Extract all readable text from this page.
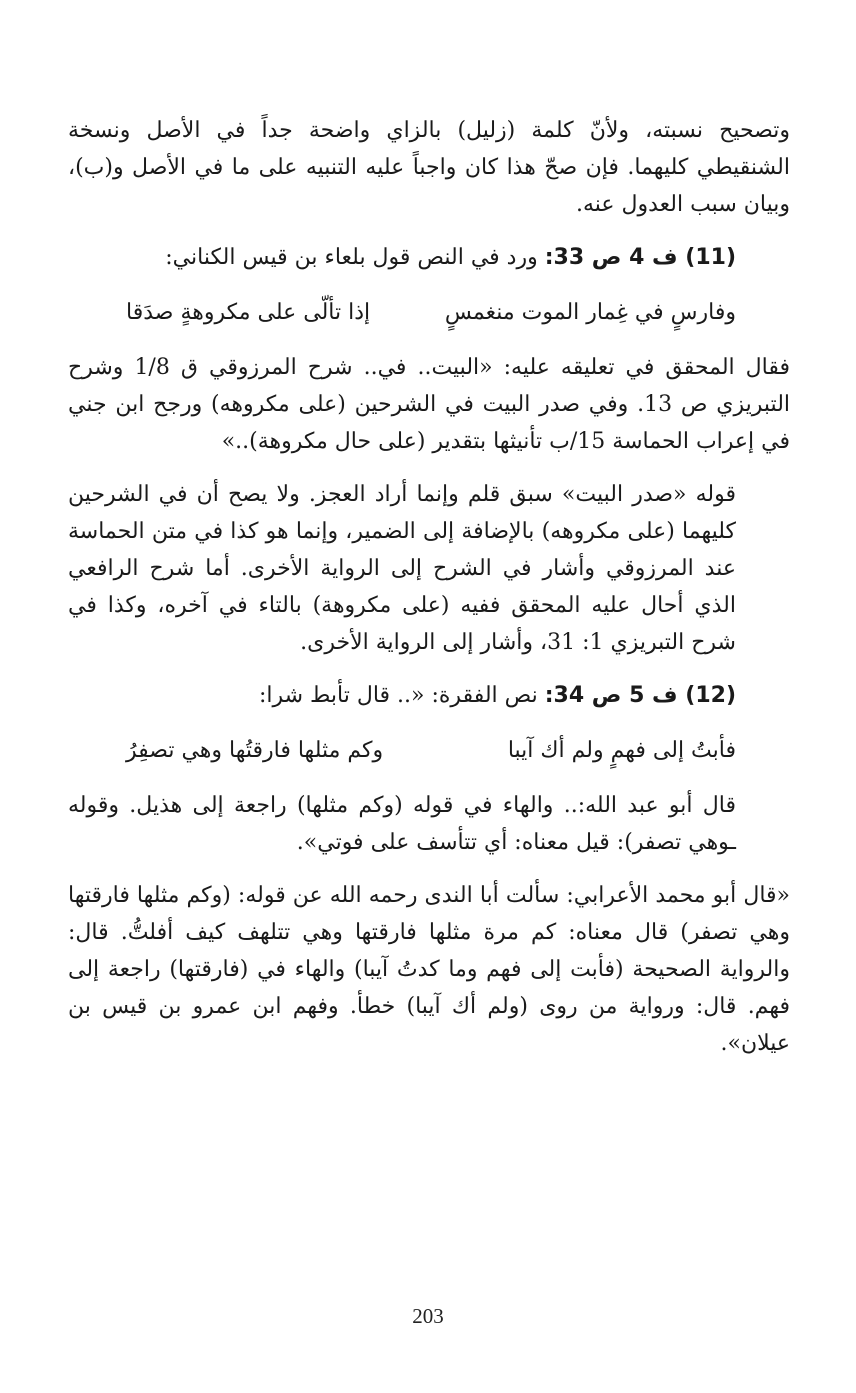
وتصحيح نسبته، ولأنّ كلمة (زليل) بالزاي واضحة جداً في الأصل ونسخة الشنقيطي كليهما. فإن صحّ هذا كان واجباً عليه التنبيه على ما في الأصل و(ب)، وبيان سبب العدول عنه.

(11) ف 4 ص 33: ورد في النص قول بلعاء بن قيس الكناني:

وفارسٍ في غِمار الموت منغمسٍ
إذا تألّى على مكروهةٍ صدَقا

فقال المحقق في تعليقه عليه: «البيت.. في.. شرح المرزوقي ق 1/8 وشرح التبريزي ص 13. وفي صدر البيت في الشرحين (على مكروهه) ورجح ابن جني في إعراب الحماسة 15/ب تأنيثها بتقدير (على حال مكروهة)..»

قوله «صدر البيت» سبق قلم وإنما أراد العجز. ولا يصح أن في الشرحين كليهما (على مكروهه) بالإضافة إلى الضمير، وإنما هو كذا في متن الحماسة عند المرزوقي وأشار في الشرح إلى الرواية الأخرى. أما شرح الرافعي الذي أحال عليه المحقق ففيه (على مكروهة) بالتاء في آخره، وكذا في شرح التبريزي 1: 31، وأشار إلى الرواية الأخرى.

(12) ف 5 ص 34: نص الفقرة: «.. قال تأبط شرا:

فأبتُ إلى فهمٍ ولم أك آيبا
وكم مثلها فارقتُها وهي تصفِرُ

قال أبو عبد الله:.. والهاء في قوله (وكم مثلها) راجعة إلى هذيل. وقوله ـوهي تصفر): قيل معناه: أي تتأسف على فوتي».

«قال أبو محمد الأعرابي: سألت أبا الندى رحمه الله عن قوله: (وكم مثلها فارقتها وهي تصفر) قال معناه: كم مرة مثلها فارقتها وهي تتلهف كيف أفلتُّ. قال: والرواية الصحيحة (فأبت إلى فهم وما كدتُ آيبا) والهاء في (فارقتها) راجعة إلى فهم. قال: ورواية من روى (ولم أك آيبا) خطأ. وفهم ابن عمرو بن قيس بن عيلان».

203
